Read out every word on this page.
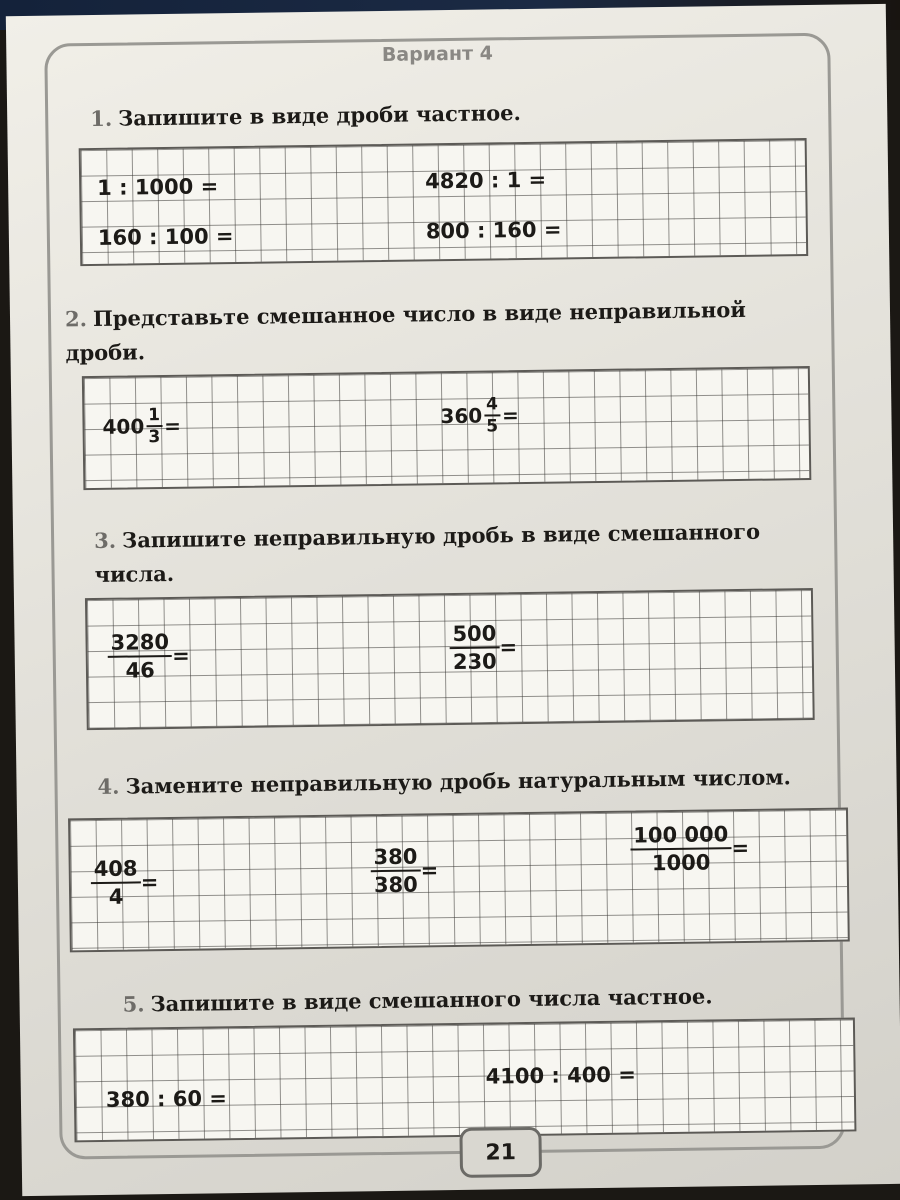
Вариант 4
1. Запишите в виде дроби частное.
1 : 1000 =	4820 : 1 =
160 : 100 =	800 : 160 =
2. Представьте смешанное число в виде неправильной дроби.
$400 \frac{1}{3}$ =	$360 \frac{4}{5}$ =
3. Запишите неправильную дробь в виде смешанного числа.
$\frac{3280}{46}$ =	$\frac{500}{230}$ =
4. Замените неправильную дробь натуральным числом.
$\frac{408}{4}$ =	$\frac{380}{380}$ =	$\frac{100 000}{1000}$ =
5. Запишите в виде смешанного числа частное.
380 : 60 =
4100 : 400 =
21
